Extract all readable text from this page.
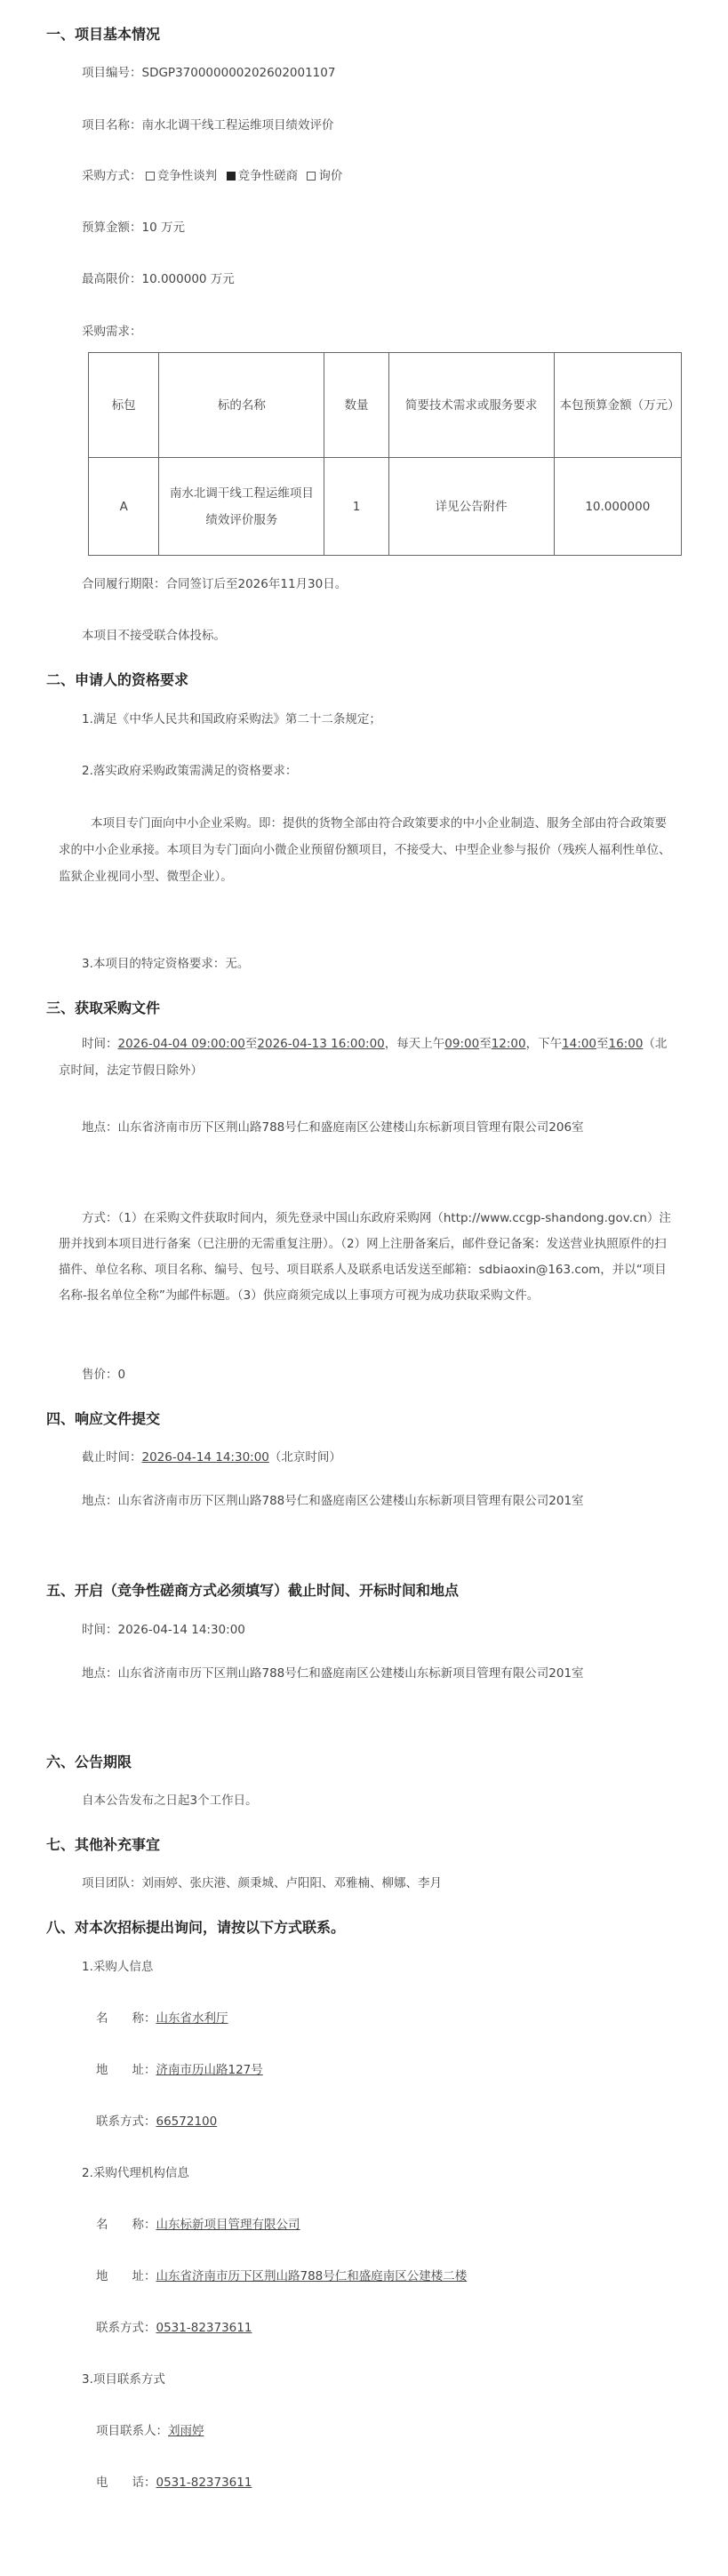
一、项目基本情况
项目编号：SDGP370000000202602001107
项目名称：南水北调干线工程运维项目绩效评价
采购方式： 竞争性谈判 竞争性磋商 询价
预算金额：10 万元
最高限价：10.000000 万元
采购需求：
标包	标的名称	数量	简要技术需求或服务要求	本包预算金额（万元）
A	南水北调干线工程运维项目绩效评价服务	1	详见公告附件	10.000000
合同履行期限：合同签订后至2026年11月30日。
本项目不接受联合体投标。
二、申请人的资格要求
1.满足《中华人民共和国政府采购法》第二十二条规定；
2.落实政府采购政策需满足的资格要求：
本项目专门面向中小企业采购。即：提供的货物全部由符合政策要求的中小企业制造、服务全部由符合政策要求的中小企业承接。本项目为专门面向小微企业预留份额项目，不接受大、中型企业参与报价（残疾人福利性单位、监狱企业视同小型、微型企业）。
3.本项目的特定资格要求：无。
三、获取采购文件
时间：2026-04-04 09:00:00至2026-04-13 16:00:00，每天上午09:00至12:00，下午14:00至16:00（北京时间，法定节假日除外）
地点：山东省济南市历下区荆山路788号仁和盛庭南区公建楼山东标新项目管理有限公司206室
方式：（1）在采购文件获取时间内，须先登录中国山东政府采购网（http://www.ccgp-shandong.gov.cn）注册并找到本项目进行备案（已注册的无需重复注册）。（2）网上注册备案后，邮件登记备案：发送营业执照原件的扫描件、单位名称、项目名称、编号、包号、项目联系人及联系电话发送至邮箱：sdbiaoxin@163.com，并以“项目名称-报名单位全称”为邮件标题。（3）供应商须完成以上事项方可视为成功获取采购文件。
售价：0
四、响应文件提交
截止时间：2026-04-14 14:30:00（北京时间）
地点：山东省济南市历下区荆山路788号仁和盛庭南区公建楼山东标新项目管理有限公司201室
五、开启（竞争性磋商方式必须填写）截止时间、开标时间和地点
时间：2026-04-14 14:30:00
地点：山东省济南市历下区荆山路788号仁和盛庭南区公建楼山东标新项目管理有限公司201室
六、公告期限
自本公告发布之日起3个工作日。
七、其他补充事宜
项目团队：刘雨婷、张庆港、颜秉城、卢阳阳、邓雅楠、柳娜、李月
八、对本次招标提出询问，请按以下方式联系。
1.采购人信息
名　　称：山东省水利厅
地　　址：济南市历山路127号
联系方式：66572100
2.采购代理机构信息
名　　称：山东标新项目管理有限公司
地　　址：山东省济南市历下区荆山路788号仁和盛庭南区公建楼二楼
联系方式：0531-82373611
3.项目联系方式
项目联系人：刘雨婷
电　　话：0531-82373611
